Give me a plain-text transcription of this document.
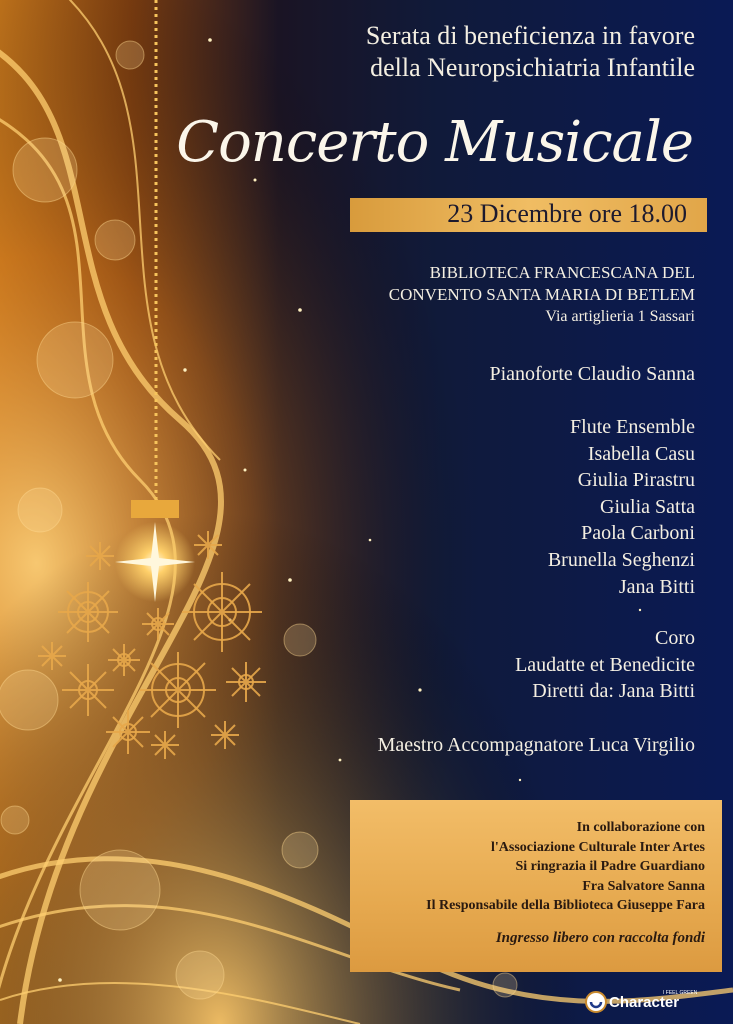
Serata di beneficienza in favore
della Neuropsichiatria Infantile
Concerto Musicale
23 Dicembre ore 18.00
BIBLIOTECA FRANCESCANA DEL
CONVENTO SANTA MARIA DI BETLEM
Via artiglieria 1 Sassari
Pianoforte Claudio Sanna
Flute Ensemble
Isabella Casu
Giulia Pirastru
Giulia Satta
Paola Carboni
Brunella Seghenzi
Jana Bitti
Coro
Laudatte et Benedicite
Diretti da: Jana Bitti
Maestro Accompagnatore Luca Virgilio
In collaborazione con
l'Associazione Culturale Inter Artes
Si ringrazia il Padre Guardiano
Fra Salvatore Sanna
Il Responsabile della Biblioteca Giuseppe Fara
Ingresso libero con raccolta fondi
Character
I FEEL GREEN
